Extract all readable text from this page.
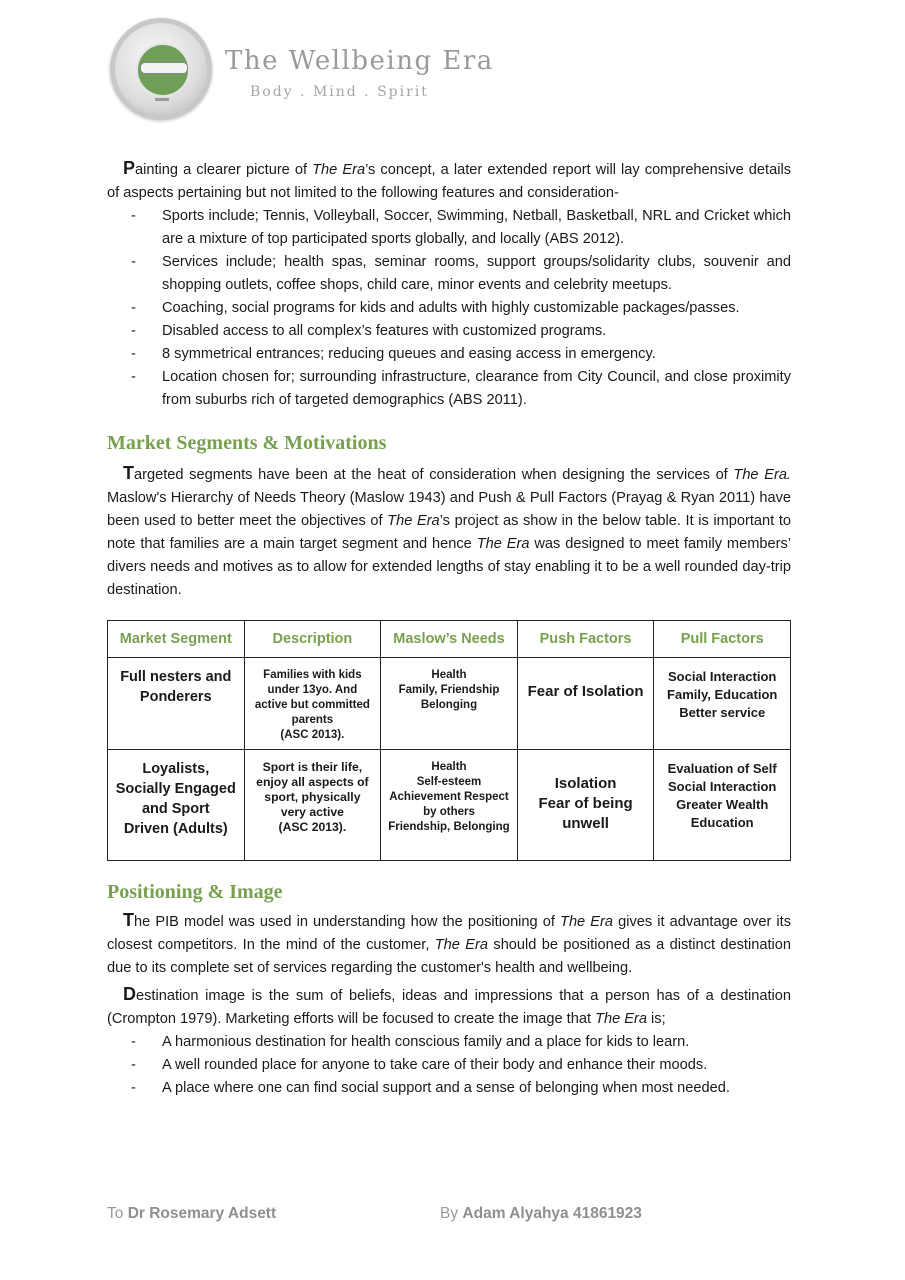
The Wellbeing Era
Body . Mind . Spirit

Painting a clearer picture of The Era’s concept, a later extended report will lay comprehensive details of aspects pertaining but not limited to the following features and consideration-

- Sports include; Tennis, Volleyball, Soccer, Swimming, Netball, Basketball, NRL and Cricket which are a mixture of top participated sports globally, and locally (ABS 2012).
- Services include; health spas, seminar rooms, support groups/solidarity clubs, souvenir and shopping outlets, coffee shops, child care, minor events and celebrity meetups.
- Coaching, social programs for kids and adults with highly customizable packages/passes.
- Disabled access to all complex’s features with customized programs.
- 8 symmetrical entrances; reducing queues and easing access in emergency.
- Location chosen for; surrounding infrastructure, clearance from City Council, and close proximity from suburbs rich of targeted demographics (ABS 2011).
Market Segments & Motivations

Targeted segments have been at the heat of consideration when designing the services of The Era. Maslow's Hierarchy of Needs Theory (Maslow 1943) and Push & Pull Factors (Prayag & Ryan 2011) have been used to better meet the objectives of The Era’s project as show in the below table. It is important to note that families are a main target segment and hence The Era was designed to meet family members’ divers needs and motives as to allow for extended lengths of stay enabling it to be a well rounded day-trip destination.

Market Segment	Description	Maslow’s Needs	Push Factors	Pull Factors

Full nesters and
Ponderers	Families with kids
under 13yo. And
active but committed
parents
(ASC 2013).	Health
Family, Friendship
Belonging	Fear of Isolation	Social Interaction
Family, Education
Better service

Loyalists,
Socially Engaged
and Sport
Driven (Adults)	Sport is their life,
enjoy all aspects of
sport, physically
very active
(ASC 2013).	Health
Self-esteem
Achievement Respect
by others
Friendship, Belonging	Isolation
Fear of being
unwell	Evaluation of Self
Social Interaction
Greater Wealth
Education
Positioning & Image

The PIB model was used in understanding how the positioning of The Era gives it advantage over its closest competitors. In the mind of the customer, The Era should be positioned as a distinct destination due to its complete set of services regarding the customer's health and wellbeing.

Destination image is the sum of beliefs, ideas and impressions that a person has of a destination (Crompton 1979). Marketing efforts will be focused to create the image that The Era is;

- A harmonious destination for health conscious family and a place for kids to learn.
- A well rounded place for anyone to take care of their body and enhance their moods.
- A place where one can find social support and a sense of belonging when most needed.
To Dr Rosemary Adsett	By Adam Alyahya 41861923
